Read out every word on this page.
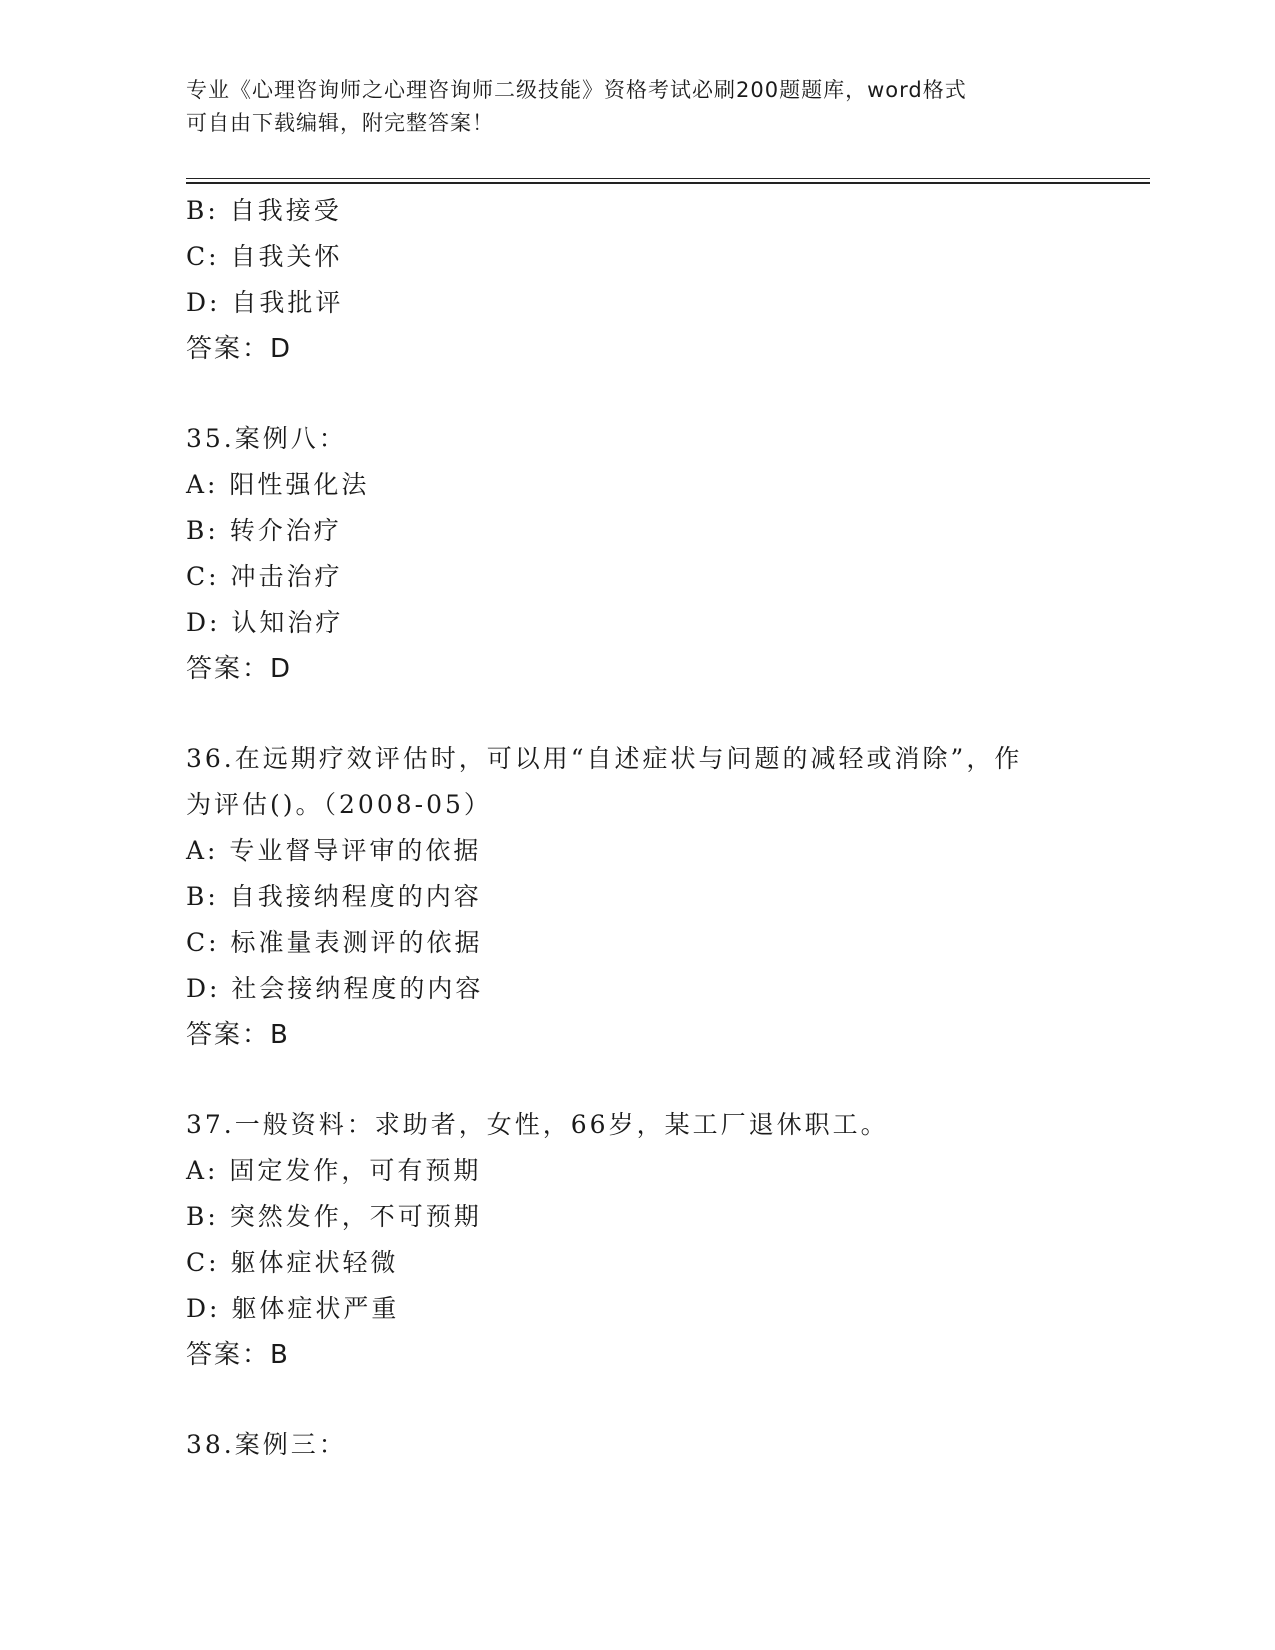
专业《心理咨询师之心理咨询师二级技能》资格考试必刷200题题库，word格式
可自由下载编辑，附完整答案！
B: 自我接受
C: 自我关怀
D: 自我批评
答案：D
35.案例八：
A: 阳性强化法
B: 转介治疗
C: 冲击治疗
D: 认知治疗
答案：D
36.在远期疗效评估时，可以用“自述症状与问题的减轻或消除”，作
为评估()。（2008-05）
A: 专业督导评审的依据
B: 自我接纳程度的内容
C: 标准量表测评的依据
D: 社会接纳程度的内容
答案：B
37.一般资料：求助者，女性，66岁，某工厂退休职工。
A: 固定发作，可有预期
B: 突然发作，不可预期
C: 躯体症状轻微
D: 躯体症状严重
答案：B
38.案例三：
